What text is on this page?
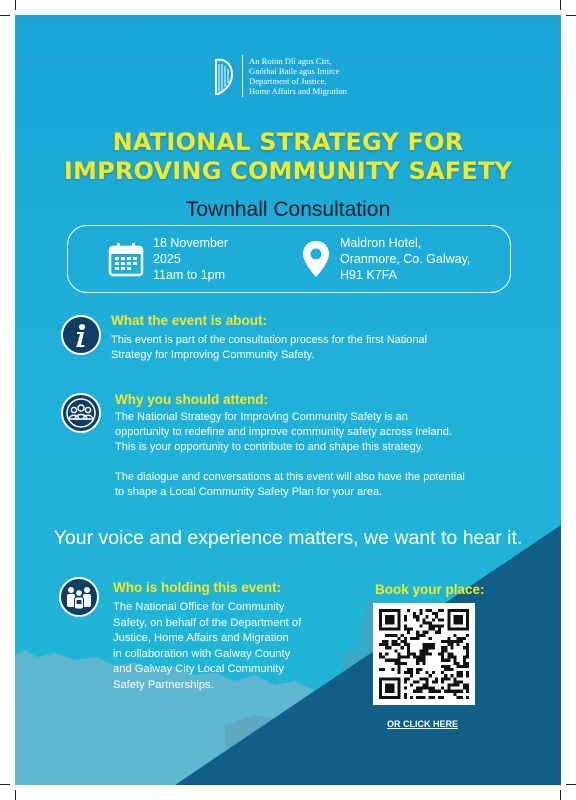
An Roinn Dlí agus Cirt,
Gnóthaí Baile agus Imirce
Department of Justice,
Home Affairs and Migration
NATIONAL STRATEGY FOR
IMPROVING COMMUNITY SAFETY
Townhall Consultation
18 November
2025
11am to 1pm
Maldron Hotel,
Oranmore, Co. Galway,
H91 K7FA
What the event is about:
This event is part of the consultation process for the first National
Strategy for Improving Community Safety.
Why you should attend:
The National Strategy for Improving Community Safety is an
opportunity to redefine and improve community safety across Ireland.
This is your opportunity to contribute to and shape this strategy.
The dialogue and conversations at this event will also have the potential
to shape a Local Community Safety Plan for your area.
Your voice and experience matters, we want to hear it.
Who is holding this event:
The National Office for Community
Safety, on behalf of the Department of
Justice, Home Affairs and Migration
in collaboration with Galway County
and Galway City Local Community
Safety Partnerships.
Book your place:
OR CLICK HERE
